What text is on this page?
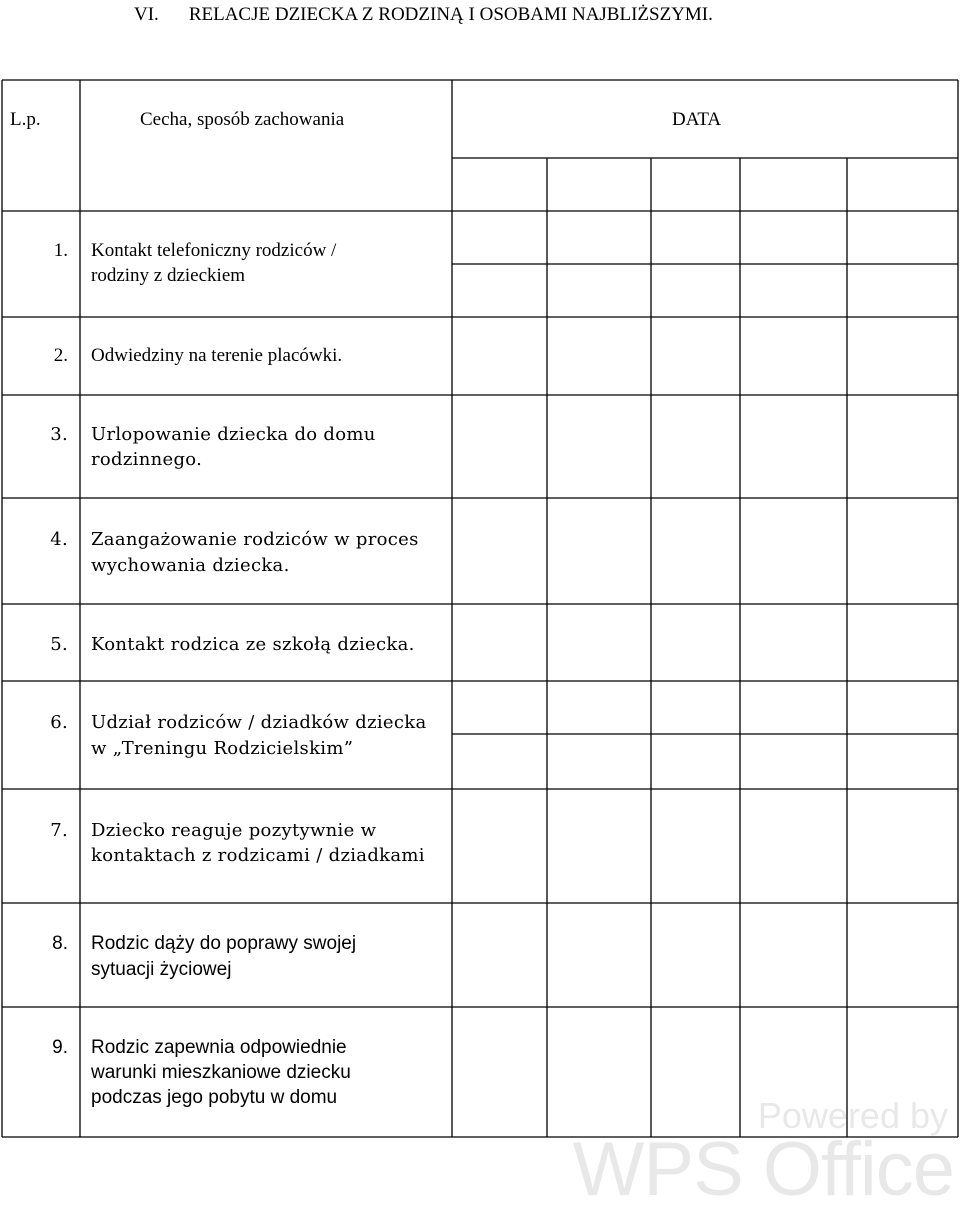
VI. RELACJE DZIECKA Z RODZINĄ I OSOBAMI NAJBLIŻSZYMI.
L.p.	Cecha, sposób zachowania	DATA
1. Kontakt telefoniczny rodziców /
rodziny z dzieckiem
2. Odwiedziny na terenie placówki.
3. Urlopowanie dziecka do domu
rodzinnego.
4. Zaangażowanie rodziców w proces
wychowania dziecka.
5. Kontakt rodzica ze szkołą dziecka.
6. Udział rodziców / dziadków dziecka
w „Treningu Rodzicielskim”
7. Dziecko reaguje pozytywnie w
kontaktach z rodzicami / dziadkami
8. Rodzic dąży do poprawy swojej
sytuacji życiowej
9. Rodzic zapewnia odpowiednie
warunki mieszkaniowe dziecku
podczas jego pobytu w domu	Powered by
WPS Office
